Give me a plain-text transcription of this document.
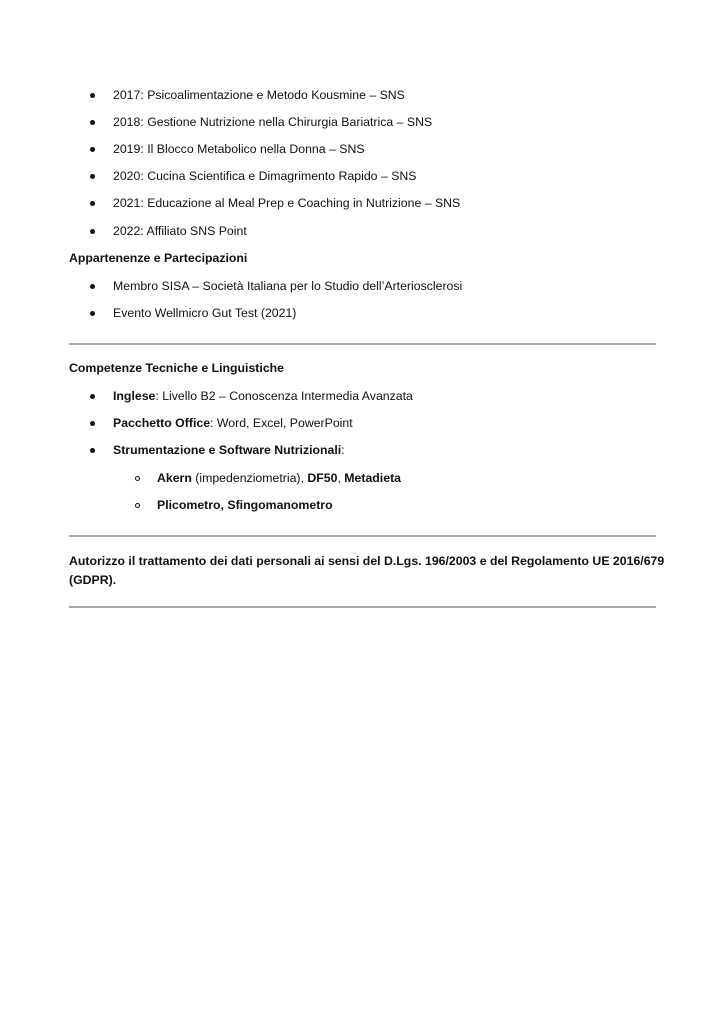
2017: Psicoalimentazione e Metodo Kousmine – SNS
2018: Gestione Nutrizione nella Chirurgia Bariatrica – SNS
2019: Il Blocco Metabolico nella Donna – SNS
2020: Cucina Scientifica e Dimagrimento Rapido – SNS
2021: Educazione al Meal Prep e Coaching in Nutrizione – SNS
2022: Affiliato SNS Point
Appartenenze e Partecipazioni
Membro SISA – Società Italiana per lo Studio dell’Arteriosclerosi
Evento Wellmicro Gut Test (2021)
Competenze Tecniche e Linguistiche
Inglese: Livello B2 – Conoscenza Intermedia Avanzata
Pacchetto Office: Word, Excel, PowerPoint
Strumentazione e Software Nutrizionali:
Akern (impedenziometria), DF50, Metadieta
Plicometro, Sfingomanometro
Autorizzo il trattamento dei dati personali ai sensi del D.Lgs. 196/2003 e del Regolamento UE 2016/679
(GDPR).
